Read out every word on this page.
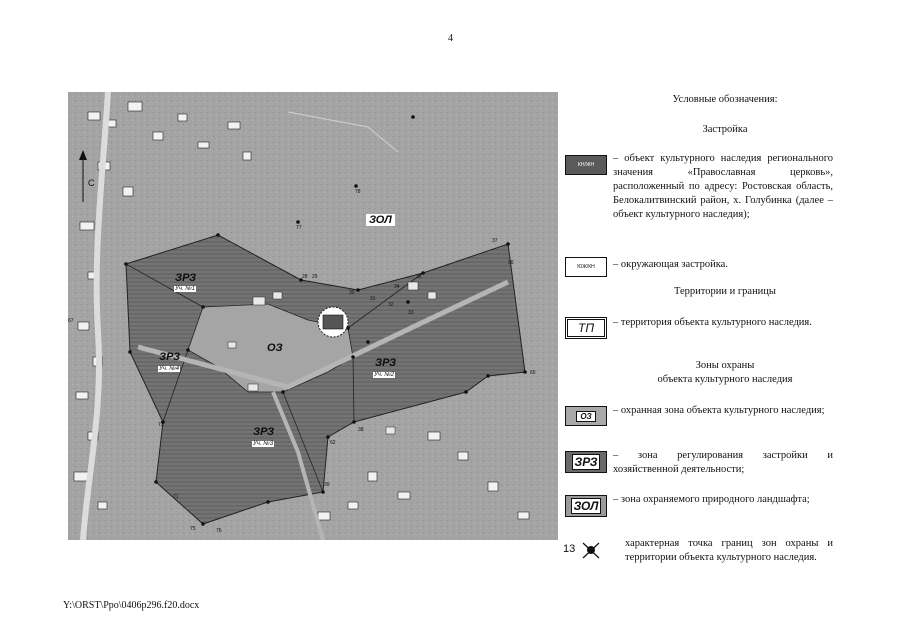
4
С
ЗОЛ
ЗРЗ
Уч. №1
ЗРЗ
Уч. №4
ОЗ
ЗРЗ
Уч. №2
ЗРЗ
Уч. №3
77
78
37
36
28 29
30
31
32
33
34
35
65
67
73
71
75	76
62
38
39
Условные обозначения:
Застройка
КН/ЖН
– объект культурного наследия регионального значения «Православная церковь», расположенный по адресу: Ростовская область, Белокалитвинский район, х. Голубинка (далее – объект культурного наследия);
ЮЖ/КН	– окружающая застройка.
Территории и границы
ТП	– территория объекта культурного наследия.
Зоны охраны
объекта культурного наследия
ОЗ	– охранная зона объекта культурного наследия;
ЗРЗ – зона регулирования застройки и хозяйственной деятельности;
ЗОЛ – зона охраняемого природного ландшафта;
13	характерная точка границ зон охраны и территории объекта культурного наследия.
Y:\ORST\Ppo\0406p296.f20.docx
